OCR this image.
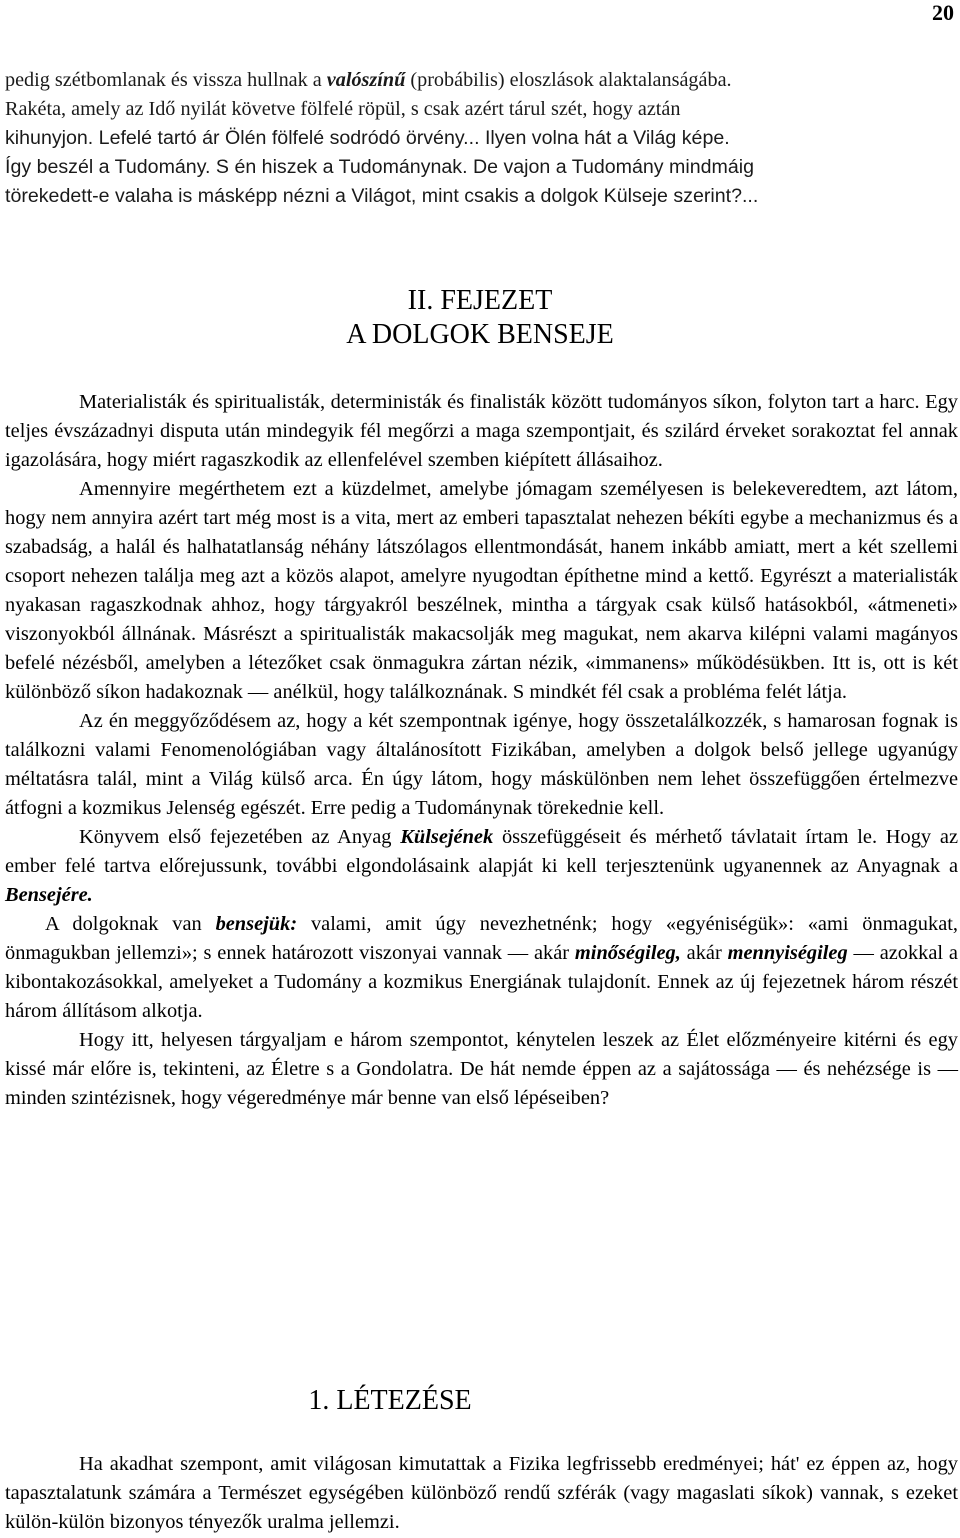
20
pedig szétbomlanak és vissza hullnak a valószínű (probábilis) eloszlások alaktalanságába.
Rakéta, amely az Idő nyilát követve fölfelé röpül, s csak azért tárul szét, hogy aztán
kihunyjon. Lefelé tartó ár Ölén fölfelé sodródó örvény... Ilyen volna hát a Világ képe.
Így beszél a Tudomány. S én hiszek a Tudománynak. De vajon a Tudomány mindmáig
törekedett-e valaha is másképp nézni a Világot, mint csakis a dolgok Külseje szerint?...
II. FEJEZET
A DOLGOK BENSEJE

Materialisták és spiritualisták, deterministák és finalisták között tudományos síkon, folyton tart a harc. Egy teljes évszázadnyi disputa után mindegyik fél megőrzi a maga szempontjait, és szilárd érveket sorakoztat fel annak igazolására, hogy miért ragaszkodik az ellenfelével szemben kiépített állásaihoz.

Amennyire megérthetem ezt a küzdelmet, amelybe jómagam személyesen is belekeveredtem, azt látom, hogy nem annyira azért tart még most is a vita, mert az emberi tapasztalat nehezen békíti egybe a mechanizmus és a szabadság, a halál és halhatatlanság néhány látszólagos ellentmondását, hanem inkább amiatt, mert a két szellemi csoport nehezen találja meg azt a közös alapot, amelyre nyugodtan építhetne mind a kettő. Egyrészt a materialisták nyakasan ragaszkodnak ahhoz, hogy tárgyakról beszélnek, mintha a tárgyak csak külső hatásokból, «átmeneti» viszonyokból állnának. Másrészt a spiritualisták makacsolják meg magukat, nem akarva kilépni valami magányos befelé nézésből, amelyben a létezőket csak önmagukra zártan nézik, «immanens» működésükben. Itt is, ott is két különböző síkon hadakoznak — anélkül, hogy találkoznának. S mindkét fél csak a probléma felét látja.

Az én meggyőződésem az, hogy a két szempontnak igénye, hogy összetalálkozzék, s hamarosan fognak is találkozni valami Fenomenológiában vagy általánosított Fizikában, amelyben a dolgok belső jellege ugyanúgy méltatásra talál, mint a Világ külső arca. Én úgy látom, hogy máskülönben nem lehet összefüggően értelmezve átfogni a kozmikus Jelenség egészét. Erre pedig a Tudománynak törekednie kell.

Könyvem első fejezetében az Anyag Külsejének összefüggéseit és mérhető távlatait írtam le. Hogy az ember felé tartva előrejussunk, további elgondolásaink alapját ki kell terjesztenünk ugyanennek az Anyagnak a Bensejére.

A dolgoknak van bensejük: valami, amit úgy nevezhetnénk; hogy «egyéniségük»: «ami önmagukat, önmagukban jellemzi»; s ennek határozott viszonyai vannak — akár minőségileg, akár mennyiségileg — azokkal a kibontakozásokkal, amelyeket a Tudomány a kozmikus Energiának tulajdonít. Ennek az új fejezetnek három részét három állításom alkotja.

Hogy itt, helyesen tárgyaljam e három szempontot, kénytelen leszek az Élet előzményeire kitérni és egy kissé már előre is, tekinteni, az Életre s a Gondolatra. De hát nemde éppen az a sajátossága — és nehézsége is — minden szintézisnek, hogy végeredménye már benne van első lépéseiben?

1. LÉTEZÉSE

Ha akadhat szempont, amit világosan kimutattak a Fizika legfrissebb eredményei; hát' ez éppen az, hogy tapasztalatunk számára a Természet egységében különböző rendű szférák (vagy magaslati síkok) vannak, s ezeket külön-külön bizonyos tényezők uralma jellemzi.
